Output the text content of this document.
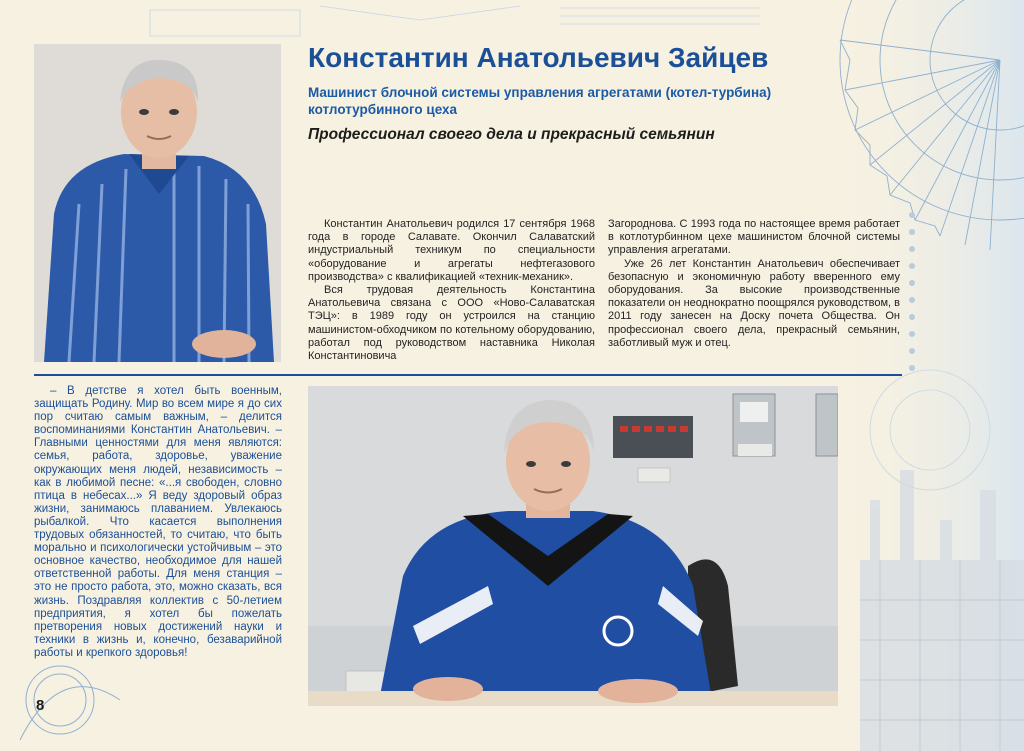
Константин Анатольевич Зайцев
Машинист блочной системы управления агрегатами (котел-турбина)
котлотурбинного цеха
Профессионал своего дела и прекрасный семьянин

Константин Анатольевич родился 17 сентября 1968 года в городе Салавате. Окончил Салаватский индустриальный техникум по специальности «оборудование и агрегаты нефтегазового производства» с квалификацией «техник-механик».

Вся трудовая деятельность Константина Анатольевича связана с ООО «Ново-Салаватская ТЭЦ»: в 1989 году он устроился на станцию машинистом-обходчиком по котельному оборудованию, работал под руководством наставника Николая Константиновича

Загороднова. С 1993 года по настоящее время работает в котлотурбинном цехе машинистом блочной системы управления агрегатами.

Уже 26 лет Константин Анатольевич обеспечивает безопасную и экономичную работу вверенного ему оборудования. За высокие производственные показатели он неоднократно поощрялся руководством, в 2011 году занесен на Доску почета Общества. Он профессионал своего дела, прекрасный семьянин, заботливый муж и отец.

– В детстве я хотел быть военным, защищать Родину. Мир во всем мире я до сих пор считаю самым важным, – делится воспоминаниями Константин Анатольевич. – Главными ценностями для меня являются: семья, работа, здоровье, уважение окружающих меня людей, независимость – как в любимой песне: «...я свободен, словно птица в небесах...» Я веду здоровый образ жизни, занимаюсь плаванием. Увлекаюсь рыбалкой. Что касается выполнения трудовых обязанностей, то считаю, что быть морально и психологически устойчивым – это основное качество, необходимое для нашей ответственной работы. Для меня станция – это не просто работа, это, можно сказать, вся жизнь. Поздравляя коллектив с 50-летием предприятия, я хотел бы пожелать претворения новых достижений науки и техники в жизнь и, конечно, безаварийной работы и крепкого здоровья!

8
